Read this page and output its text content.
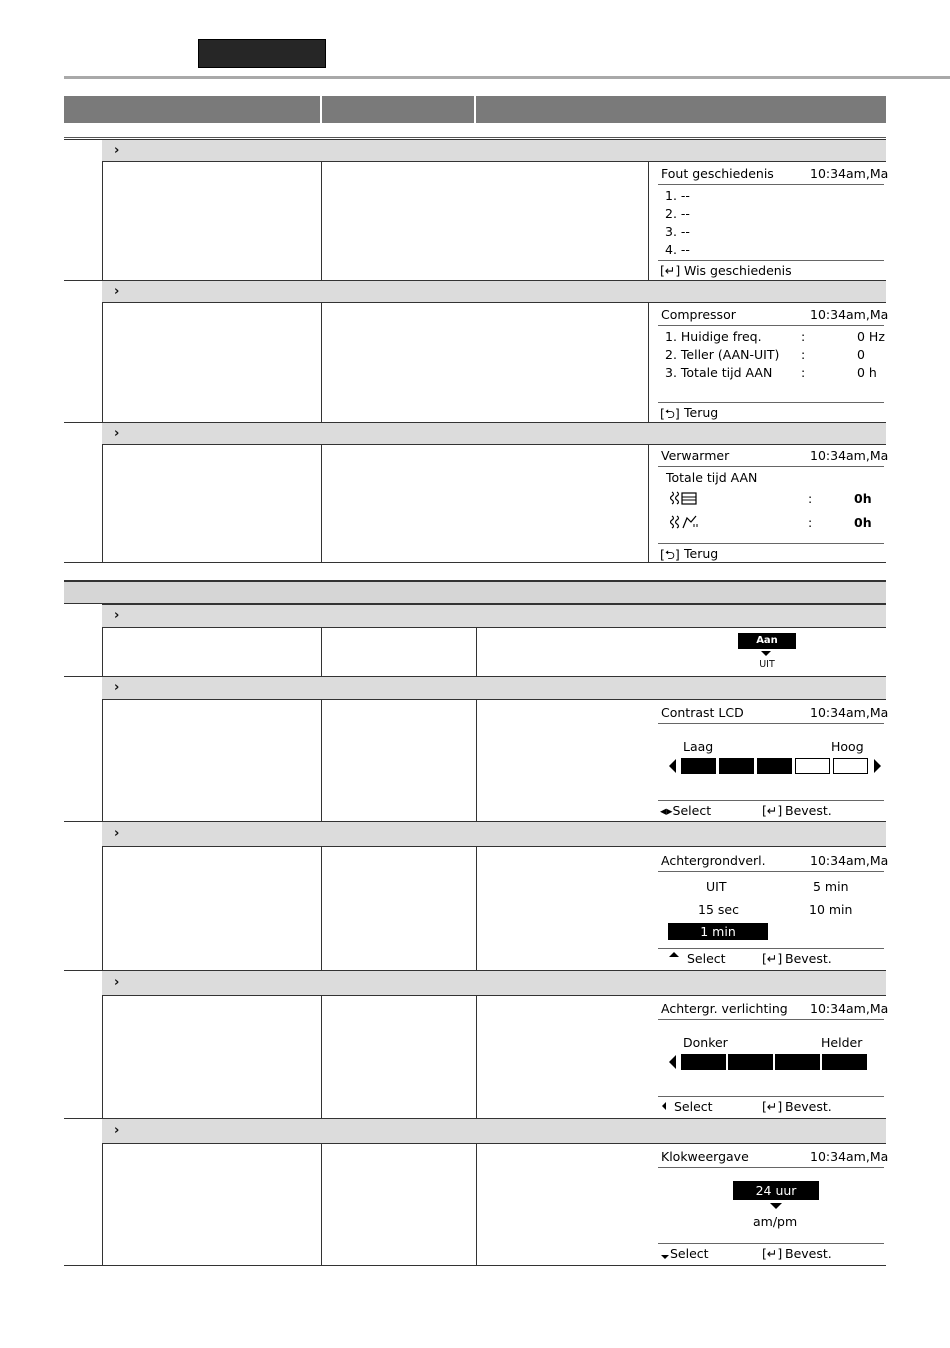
›
Fout geschiedenis	10:34am,Ma
1. --
2. --
3. --
4. --
[↵] Wis geschiedenis
›
Compressor	10:34am,Ma
1. Huidige freq.	:	0 Hz
2. Teller (AAN-UIT) :	0
3. Totale tijd AAN :	0 h
[⮌] Terug
›
Verwarmer	10:34am,Ma
Totale tijd AAN
:	0h
:	0h
[⮌] Terug
›
Aan
UIT
›
Contrast LCD	10:34am,Ma
Laag	Hoog
◂▸Select	[↵] Bevest.
›
Achtergrondverl.	10:34am,Ma
UIT	5 min
15 sec	10 min
1 min
Select	[↵] Bevest.
›
Achtergr. verlichting 10:34am,Ma
Donker	Helder
Select	[↵] Bevest.
›
Klokweergave	10:34am,Ma
24 uur
am/pm
Select	[↵] Bevest.
